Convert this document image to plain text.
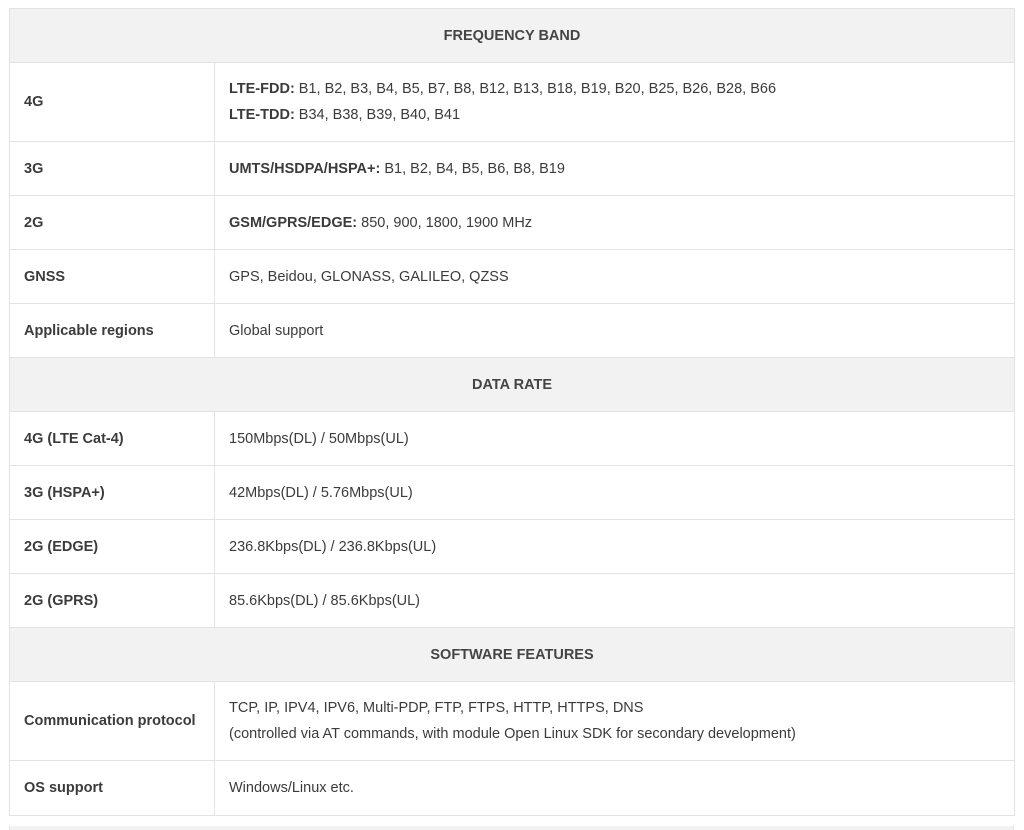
FREQUENCY BAND	
4G	LTE-FDD: B1, B2, B3, B4, B5, B7, B8, B12, B13, B18, B19, B20, B25, B26, B28, B66
LTE-TDD: B34, B38, B39, B40, B41

3G	UMTS/HSDPA/HSPA+: B1, B2, B4, B5, B6, B8, B19
2G	GSM/GPRS/EDGE: 850, 900, 1800, 1900 MHz
GNSS	GPS, Beidou, GLONASS, GALILEO, QZSS
Applicable regions	Global support
DATA RATE	
4G (LTE Cat-4)	150Mbps(DL) / 50Mbps(UL)
3G (HSPA+)	42Mbps(DL) / 5.76Mbps(UL)
2G (EDGE)	236.8Kbps(DL) / 236.8Kbps(UL)
2G (GPRS)	85.6Kbps(DL) / 85.6Kbps(UL)
SOFTWARE FEATURES	
Communication protocol	TCP, IP, IPV4, IPV6, Multi-PDP, FTP, FTPS, HTTP, HTTPS, DNS
(controlled via AT commands, with module Open Linux SDK for secondary development)

OS support	Windows/Linux etc.
